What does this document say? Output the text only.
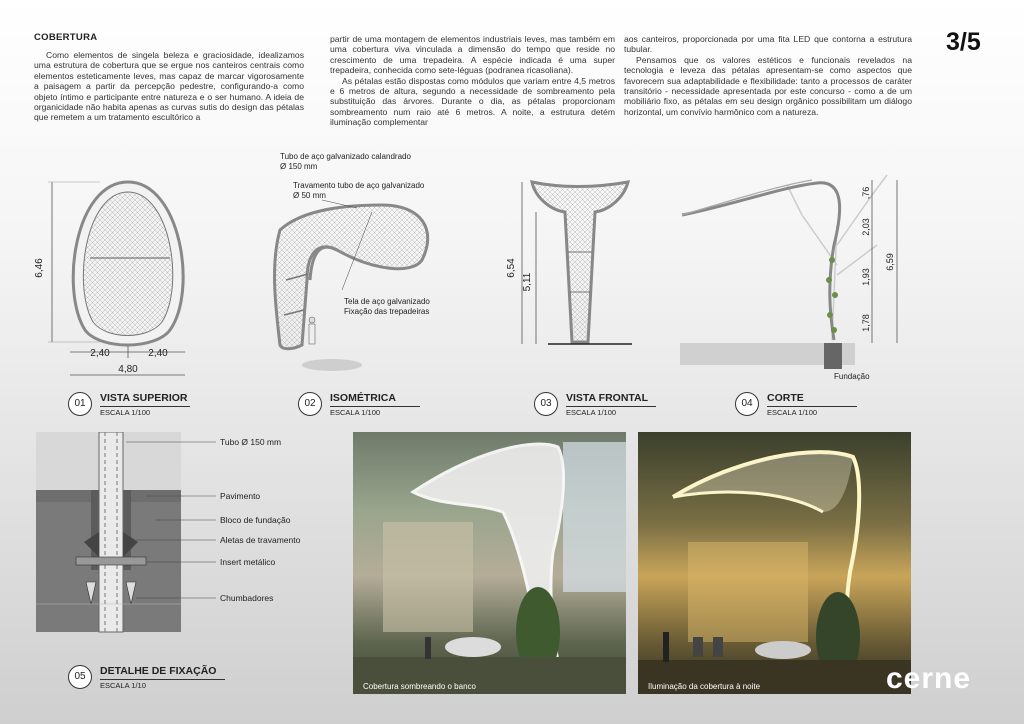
COBERTURA	3/5

Como elementos de singela beleza e graciosidade, idealizamos uma estrutura de cobertura que se ergue nos canteiros centrais como elementos esteticamente leves, mas capaz de marcar vigorosamente a paisagem a partir da percepção pedestre, configurando-a como objeto íntimo e participante entre natureza e o ser humano. A ideia de organicidade não habita apenas as curvas sutis do design das pétalas que remetem a um tratamento escultórico a

partir de uma montagem de elementos industriais leves, mas também em uma cobertura viva vinculada a dimensão do tempo que reside no crescimento de uma trepadeira. A espécie indicada é uma super trepadeira, conhecida como sete-léguas (podranea ricasoliana).

As pétalas estão dispostas como módulos que variam entre 4,5 metros e 6 metros de altura, segundo a necessidade de sombreamento pela substituição das árvores. Durante o dia, as pétalas proporcionam sombreamento num raio até 6 metros. A noite, a estrutura detém iluminação complementar

aos canteiros, proporcionada por uma fita LED que contorna a estrutura tubular.

Pensamos que os valores estéticos e funcionais revelados na tecnologia e leveza das pétalas apresentam-se como aspectos que favorecem sua adaptabilidade e flexibilidade: tanto a processos de caráter transitório - necessidade apresentada por este concurso - como a de um mobiliário fixo, as pétalas em seu design orgânico possibilitam um diálogo horizontal, um convívio harmônico com a natureza.

6,46
2,40	2,40
4,80
Tubo de aço galvanizado calandrado
Ø 150 mm
Travamento tubo de aço galvanizado
Ø 50 mm
Tela de aço galvanizado
Fixação das trepadeiras
6,54
5,11
Fundação
,76
2,03
1,93
1,78
6,59
01	VISTA SUPERIOR
ESCALA 1/100
02	ISOMÉTRICA
ESCALA 1/100
03	VISTA FRONTAL
ESCALA 1/100
04	CORTE
ESCALA 1/100
Tubo Ø 150 mm
Pavimento
Bloco de fundação
Aletas de travamento
Insert metálico
Chumbadores
05	DETALHE DE FIXAÇÃO
ESCALA 1/10	Cobertura sombreando o banco	Iluminação da cobertura à noite	cerne
